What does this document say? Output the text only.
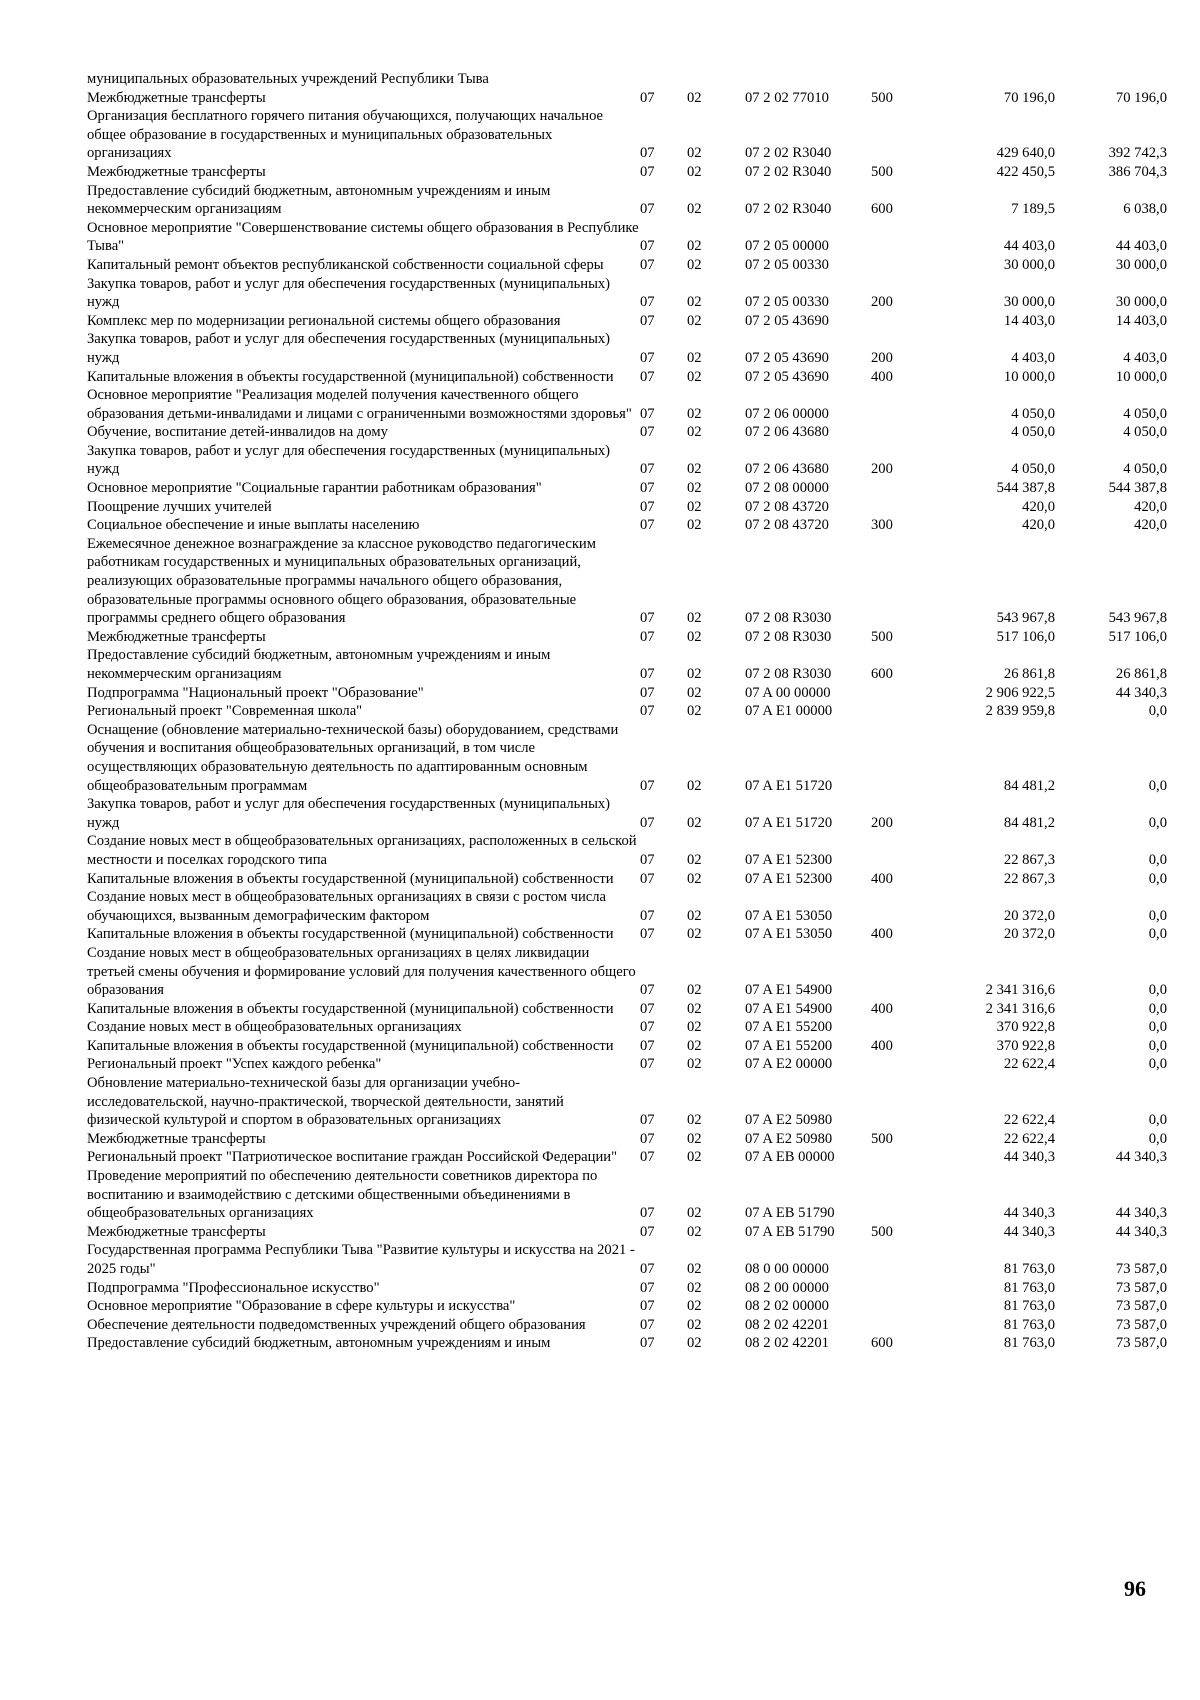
муниципальных образовательных учреждений Республики Тыва						
Межбюджетные трансферты	07	02	07 2 02 77010	500	70 196,0	70 196,0
Организация бесплатного горячего питания обучающихся, получающих начальное общее образование в государственных и муниципальных образовательных организациях	07	02	07 2 02 R3040		429 640,0	392 742,3
Межбюджетные трансферты	07	02	07 2 02 R3040	500	422 450,5	386 704,3
Предоставление субсидий бюджетным, автономным учреждениям и иным некоммерческим организациям	07	02	07 2 02 R3040	600	7 189,5	6 038,0
Основное мероприятие "Совершенствование системы общего образования в Республике Тыва"	07	02	07 2 05 00000		44 403,0	44 403,0
Капитальный ремонт объектов республиканской собственности социальной сферы	07	02	07 2 05 00330		30 000,0	30 000,0
Закупка товаров, работ и услуг для обеспечения государственных (муниципальных) нужд	07	02	07 2 05 00330	200	30 000,0	30 000,0
Комплекс мер по модернизации региональной системы общего образования	07	02	07 2 05 43690		14 403,0	14 403,0
Закупка товаров, работ и услуг для обеспечения государственных (муниципальных) нужд	07	02	07 2 05 43690	200	4 403,0	4 403,0
Капитальные вложения в объекты государственной (муниципальной) собственности	07	02	07 2 05 43690	400	10 000,0	10 000,0
Основное мероприятие "Реализация моделей получения качественного общего образования детьми-инвалидами и лицами с ограниченными возможностями здоровья"	07	02	07 2 06 00000		4 050,0	4 050,0
Обучение, воспитание детей-инвалидов на дому	07	02	07 2 06 43680		4 050,0	4 050,0
Закупка товаров, работ и услуг для обеспечения государственных (муниципальных) нужд	07	02	07 2 06 43680	200	4 050,0	4 050,0
Основное мероприятие "Социальные гарантии работникам образования"	07	02	07 2 08 00000		544 387,8	544 387,8
Поощрение лучших учителей	07	02	07 2 08 43720		420,0	420,0
Социальное обеспечение и иные выплаты населению	07	02	07 2 08 43720	300	420,0	420,0
Ежемесячное денежное вознаграждение за классное руководство педагогическим работникам государственных и муниципальных образовательных организаций, реализующих образовательные программы начального общего образования, образовательные программы основного общего образования, образовательные программы среднего общего образования	07	02	07 2 08 R3030		543 967,8	543 967,8
Межбюджетные трансферты	07	02	07 2 08 R3030	500	517 106,0	517 106,0
Предоставление субсидий бюджетным, автономным учреждениям и иным некоммерческим организациям	07	02	07 2 08 R3030	600	26 861,8	26 861,8
Подпрограмма "Национальный проект "Образование"	07	02	07 A 00 00000		2 906 922,5	44 340,3
Региональный проект "Современная школа"	07	02	07 A E1 00000		2 839 959,8	0,0
Оснащение (обновление материально-технической базы) оборудованием, средствами обучения и воспитания общеобразовательных организаций, в том числе осуществляющих образовательную деятельность по адаптированным основным общеобразовательным программам	07	02	07 A E1 51720		84 481,2	0,0
Закупка товаров, работ и услуг для обеспечения государственных (муниципальных) нужд	07	02	07 A E1 51720	200	84 481,2	0,0
Создание новых мест в общеобразовательных организациях, расположенных в сельской местности и поселках городского типа	07	02	07 A E1 52300		22 867,3	0,0
Капитальные вложения в объекты государственной (муниципальной) собственности	07	02	07 A E1 52300	400	22 867,3	0,0
Создание новых мест в общеобразовательных организациях в связи с ростом числа обучающихся, вызванным демографическим фактором	07	02	07 A E1 53050		20 372,0	0,0
Капитальные вложения в объекты государственной (муниципальной) собственности	07	02	07 A E1 53050	400	20 372,0	0,0
Создание новых мест в общеобразовательных организациях в целях ликвидации третьей смены обучения и формирование условий для получения качественного общего образования	07	02	07 A E1 54900		2 341 316,6	0,0
Капитальные вложения в объекты государственной (муниципальной) собственности	07	02	07 A E1 54900	400	2 341 316,6	0,0
Создание новых мест в общеобразовательных организациях	07	02	07 A E1 55200		370 922,8	0,0
Капитальные вложения в объекты государственной (муниципальной) собственности	07	02	07 A E1 55200	400	370 922,8	0,0
Региональный проект "Успех каждого ребенка"	07	02	07 A E2 00000		22 622,4	0,0
Обновление материально-технической базы для организации учебно-исследовательской, научно-практической, творческой деятельности, занятий физической культурой и спортом в образовательных организациях	07	02	07 A E2 50980		22 622,4	0,0
Межбюджетные трансферты	07	02	07 A E2 50980	500	22 622,4	0,0
Региональный проект "Патриотическое воспитание граждан Российской Федерации"	07	02	07 A EB 00000		44 340,3	44 340,3
Проведение мероприятий по обеспечению деятельности советников директора по воспитанию и взаимодействию с детскими общественными объединениями в общеобразовательных организациях	07	02	07 A EB 51790		44 340,3	44 340,3
Межбюджетные трансферты	07	02	07 A EB 51790	500	44 340,3	44 340,3
Государственная программа Республики Тыва "Развитие культуры и искусства на 2021 - 2025 годы"	07	02	08 0 00 00000		81 763,0	73 587,0
Подпрограмма "Профессиональное искусство"	07	02	08 2 00 00000		81 763,0	73 587,0
Основное мероприятие "Образование в сфере культуры и искусства"	07	02	08 2 02 00000		81 763,0	73 587,0
Обеспечение деятельности подведомственных учреждений общего образования	07	02	08 2 02 42201		81 763,0	73 587,0
Предоставление субсидий бюджетным, автономным учреждениям и иным	07	02	08 2 02 42201	600	81 763,0	73 587,0
96
